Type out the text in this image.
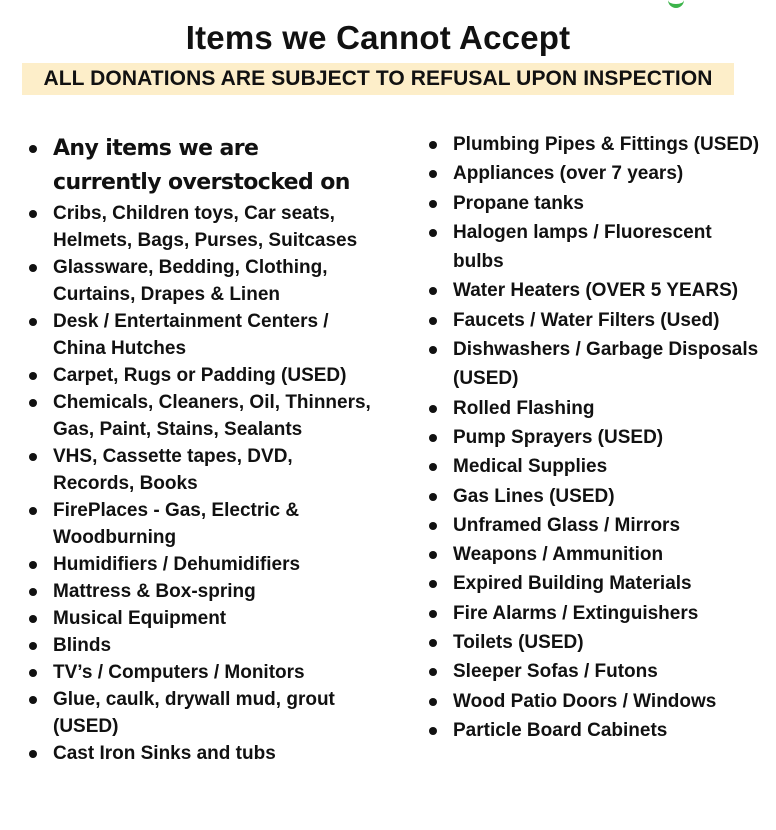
Items we Cannot Accept
ALL DONATIONS ARE SUBJECT TO REFUSAL UPON INSPECTION
Any items we are currently overstocked on
Cribs, Children toys, Car seats, Helmets, Bags, Purses, Suitcases
Glassware, Bedding, Clothing, Curtains, Drapes & Linen
Desk / Entertainment Centers / China Hutches
Carpet, Rugs or Padding (USED)
Chemicals, Cleaners, Oil, Thinners, Gas, Paint, Stains, Sealants
VHS, Cassette tapes, DVD, Records, Books
FirePlaces - Gas, Electric & Woodburning
Humidifiers / Dehumidifiers
Mattress & Box-spring
Musical Equipment
Blinds
TV’s / Computers / Monitors
Glue, caulk, drywall mud, grout (USED)
Cast Iron Sinks and tubs
Plumbing Pipes & Fittings (USED)
Appliances (over 7 years)
Propane tanks
Halogen lamps / Fluorescent bulbs
Water Heaters (OVER 5 YEARS)
Faucets / Water Filters (Used)
Dishwashers / Garbage Disposals (USED)
Rolled Flashing
Pump Sprayers (USED)
Medical Supplies
Gas Lines (USED)
Unframed Glass / Mirrors
Weapons / Ammunition
Expired Building Materials
Fire Alarms / Extinguishers
Toilets (USED)
Sleeper Sofas / Futons
Wood Patio Doors / Windows
Particle Board Cabinets
